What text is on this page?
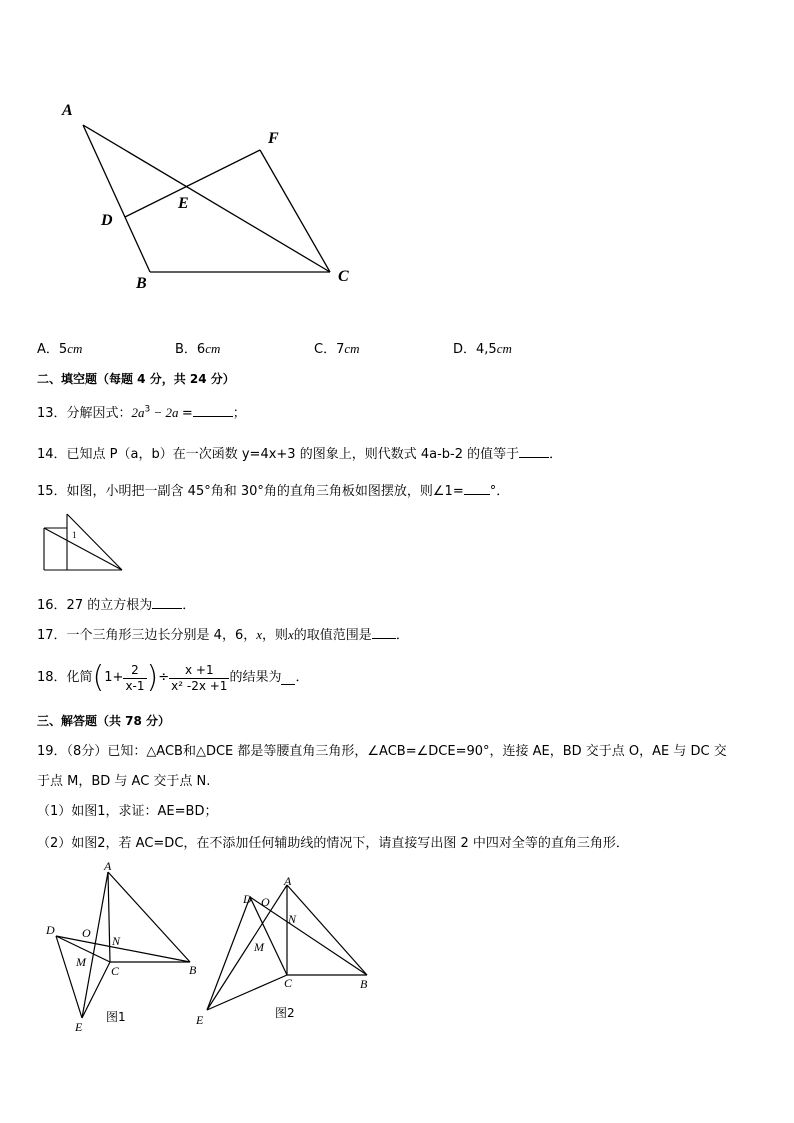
A
F
E
D
B	C
A．5cm	B．6cm	C．7cm	D．4,5cm
二、填空题（每题 4 分，共 24 分）
13．分解因式：$2a^3 - 2a$ =	；
14．已知点 P（a，b）在一次函数 y=4x+3 的图象上，则代数式 4a-b-2 的值等于 ．
15．如图，小明把一副含 45°角和 30°角的直角三角板如图摆放，则∠1= °．
1
16．27 的立方根为 ．
17．一个三角形三边长分别是 4，6，x，则x的取值范围是 ．
18．化简($1+ \frac{2}{x-1}$ )÷ $\frac{x +1}{\text{x² -2x +1}}$ 的结果为 ．
三、解答题（共 78 分）
19．（8分）已知：△ACB和△DCE 都是等腰直角三角形，∠ACB=∠DCE=90°，连接 AE，BD 交于点 O，AE 与 DC 交
于点 M，BD 与 AC 交于点 N.
（1）如图1，求证：AE=BD；
（2）如图2，若 AC=DC，在不添加任何辅助线的情况下，请直接写出图 2 中四对全等的直角三角形．
A
D O
N
M
C	B
E
图1
A
D O
N
M
C	B
E	图2
